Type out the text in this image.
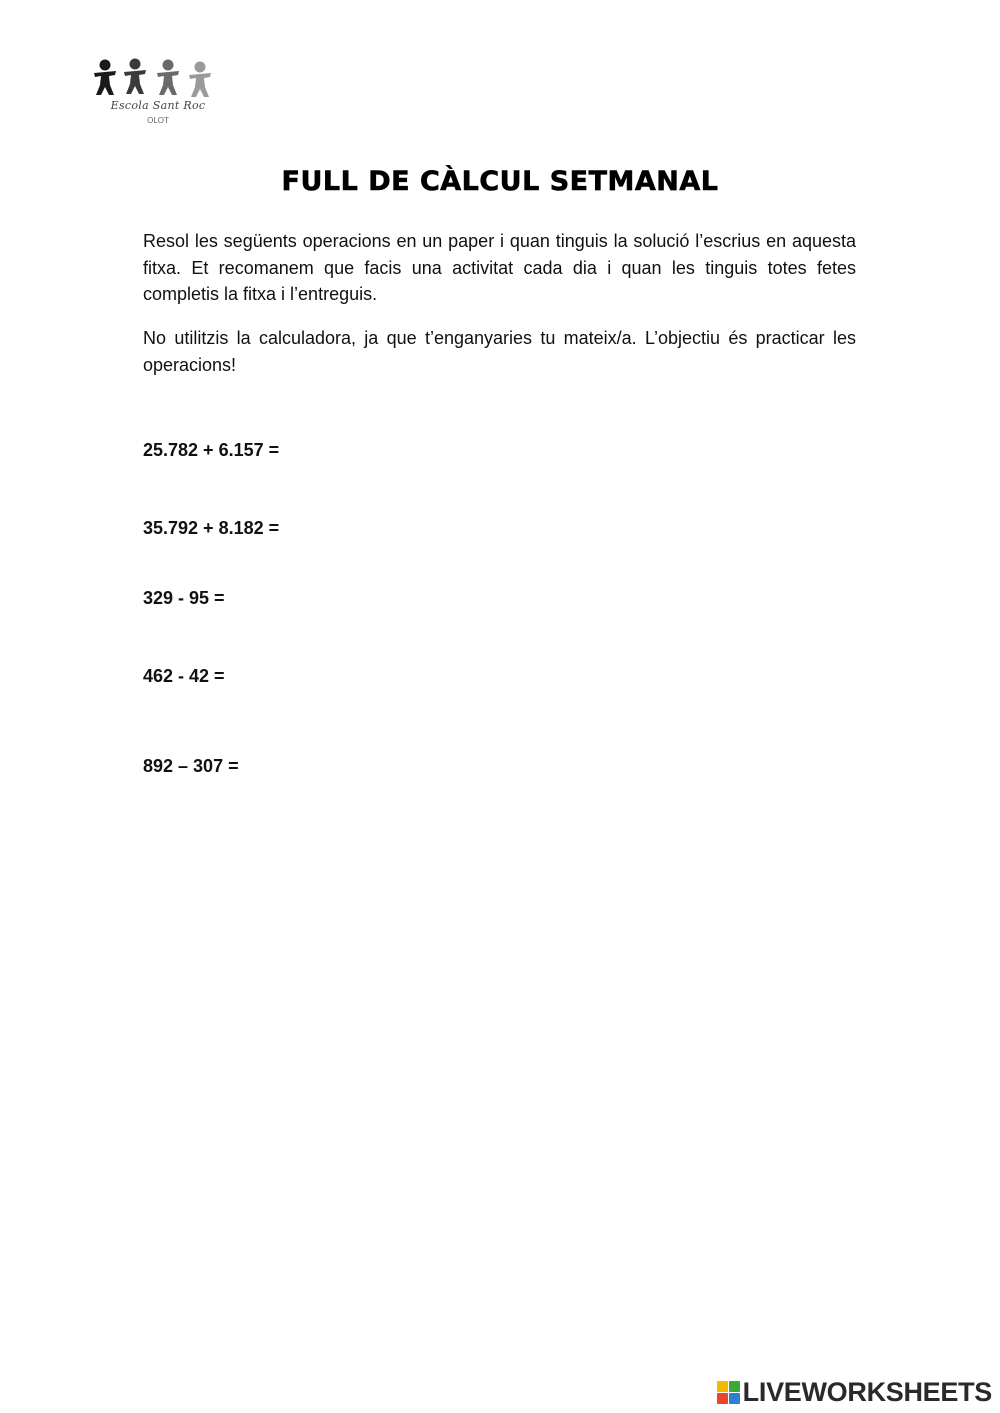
Escola Sant Roc
OLOT
FULL DE CÀLCUL SETMANAL

Resol les següents operacions en un paper i quan tinguis la solució l’escrius en aquesta fitxa. Et recomanem que facis una activitat cada dia i quan les tinguis totes fetes completis la fitxa i l’entreguis.

No utilitzis la calculadora, ja que t’enganyaries tu mateix/a. L’objectiu és practicar les operacions!

25.782 + 6.157 =
35.792 + 8.182 =
329 - 95 =
462 - 42 =
892 – 307 =
LIVEWORKSHEETS
